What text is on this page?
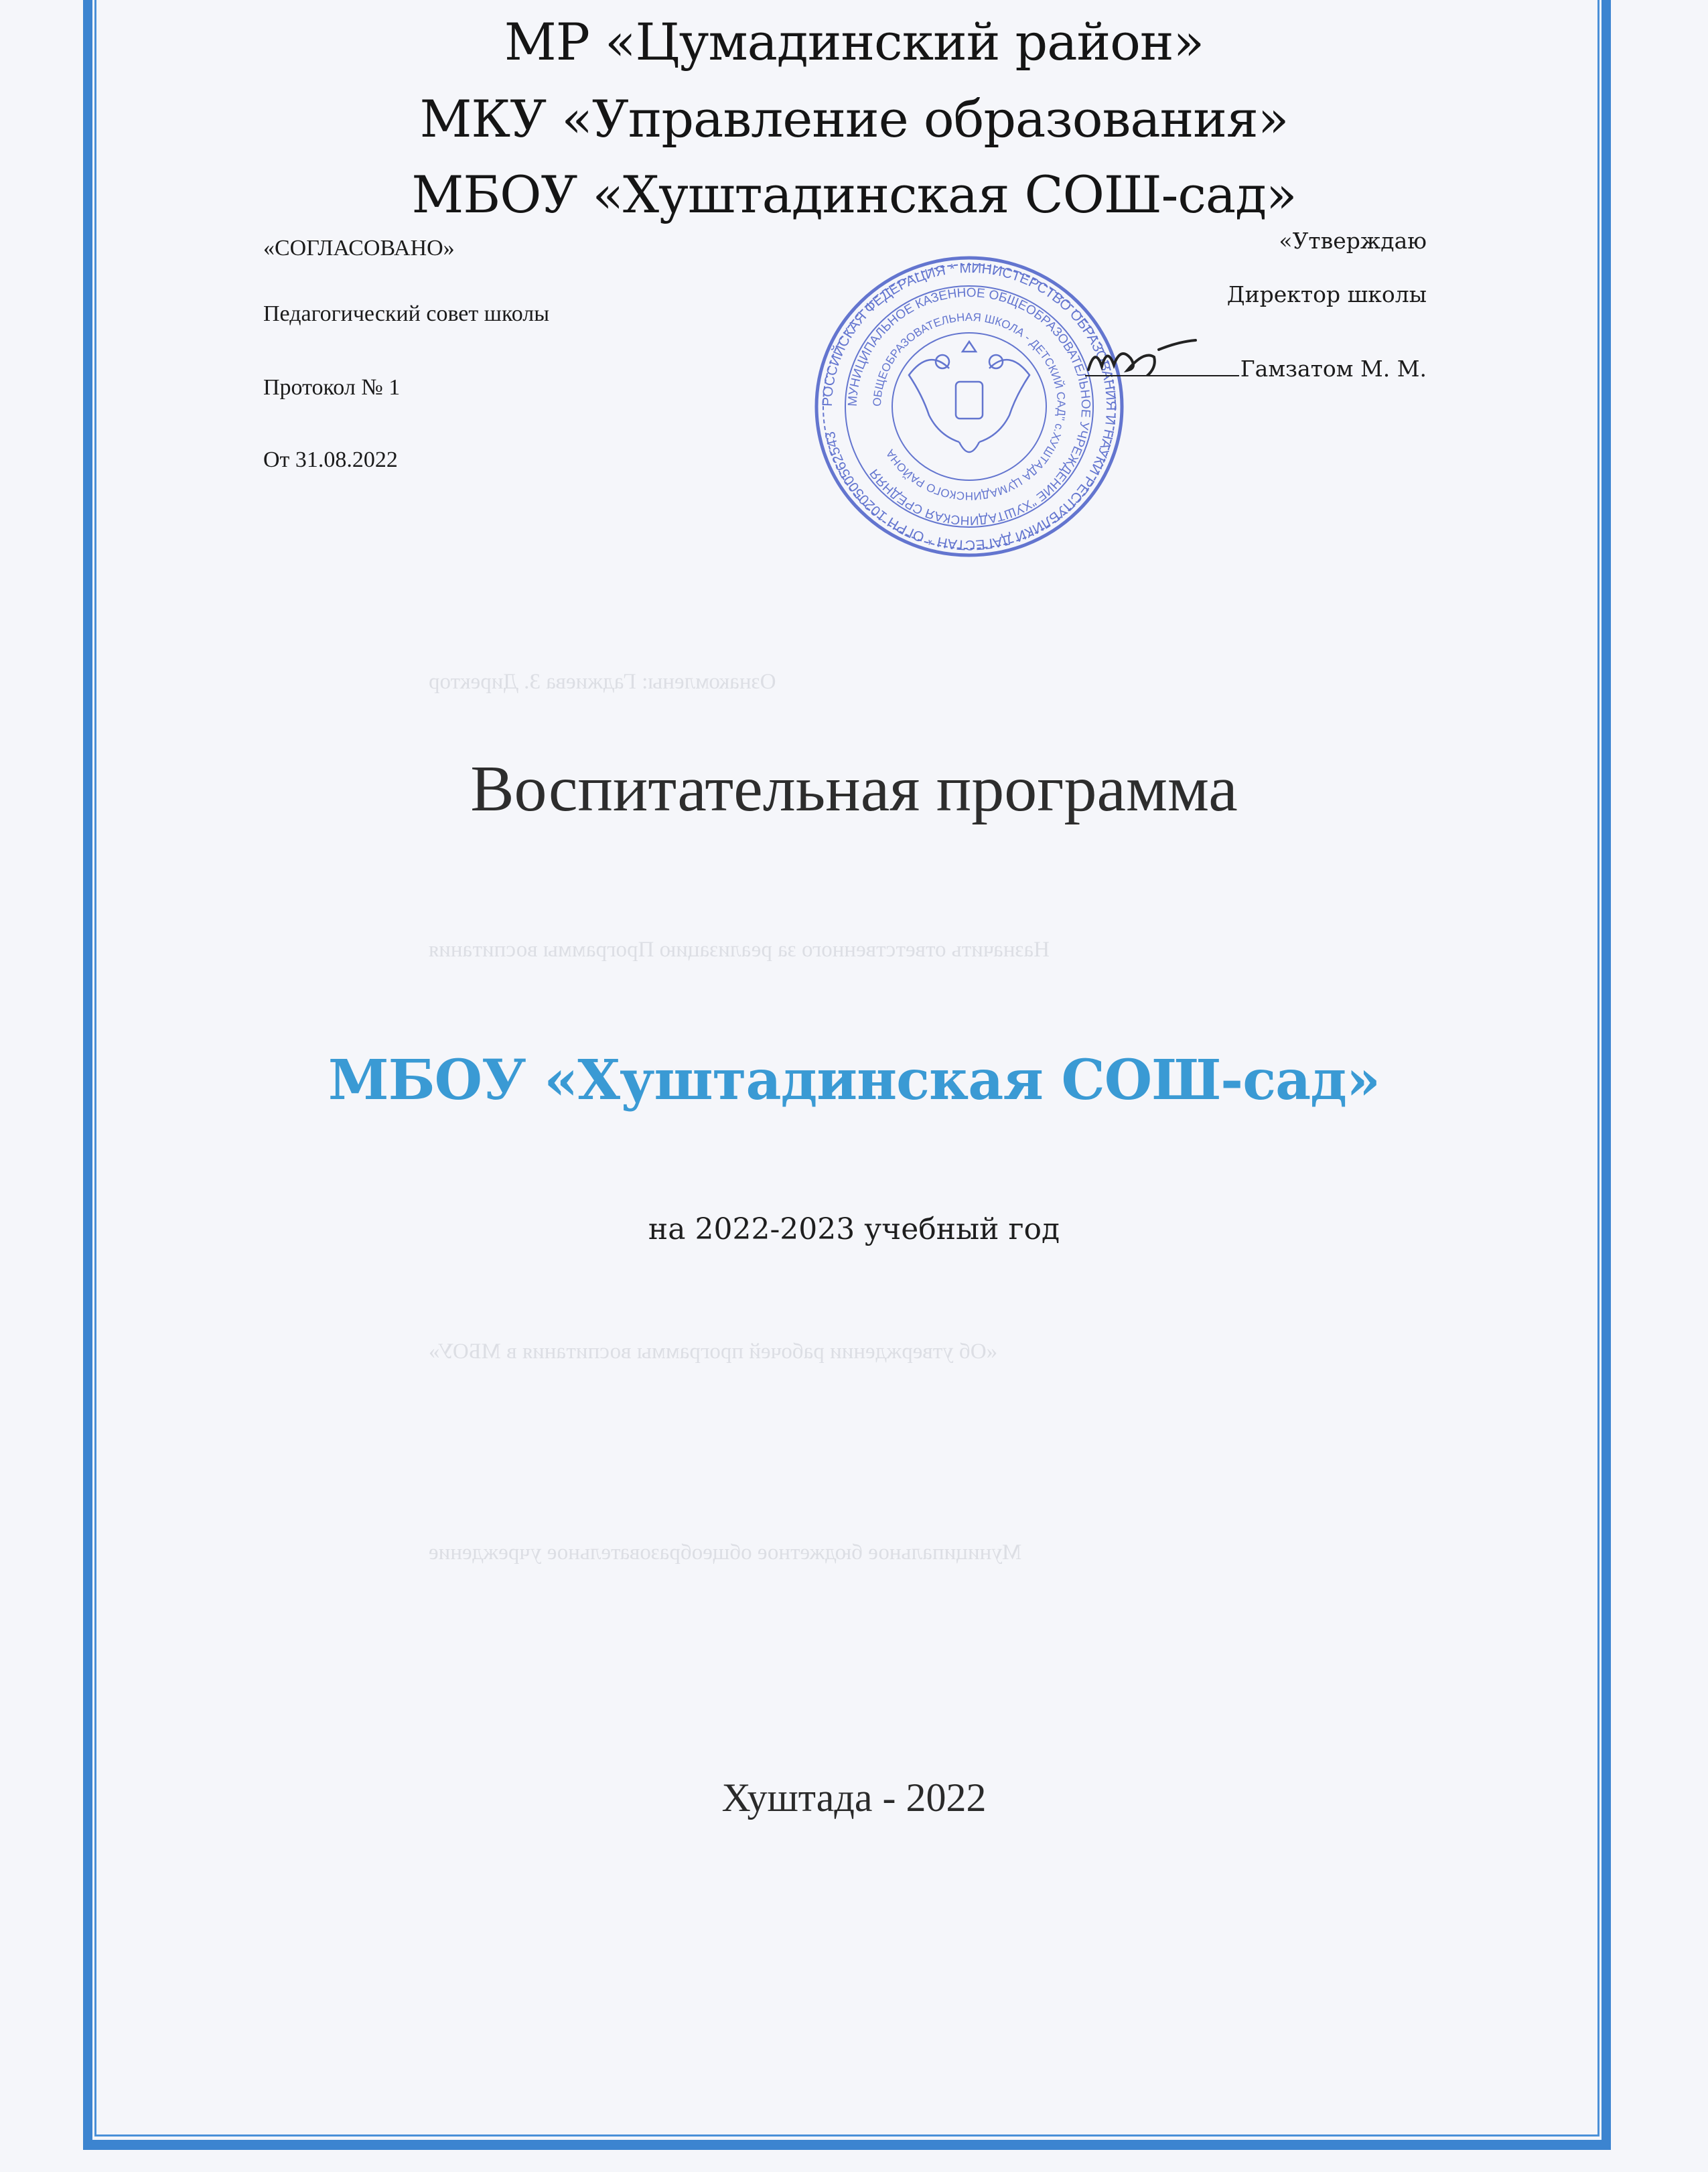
Ознакомлены: Гаджиева З. Директор
Назначить ответственного за реализацию Программы воспитания
«Об утверждении рабочей программы воспитания в МБОУ»
Муниципальное бюджетное общеобразовательное учреждение
МР «Цумадинский район»
МКУ «Управление образования»
МБОУ «Хуштадинская СОШ-сад»
«СОГЛАСОВАНО»
Педагогический совет школы
Протокол № 1
От 31.08.2022
РОССИЙСКАЯ ФЕДЕРАЦИЯ * МИНИСТЕРСТВО ОБРАЗОВАНИЯ И НАУКИ РЕСПУБЛИКИ ДАГЕСТАН * ОГРН 1020500562543
МУНИЦИПАЛЬНОЕ КАЗЕННОЕ ОБЩЕОБРАЗОВАТЕЛЬНОЕ УЧРЕЖДЕНИЕ "ХУШТАДИНСКАЯ СРЕДНЯЯ
ОБЩЕОБРАЗОВАТЕЛЬНАЯ ШКОЛА - ДЕТСКИЙ САД" с.ХУШТАДА ЦУМАДИНСКОГО РАЙОНА
«Утверждаю
Директор школы
Гамзатом М. М.
Воспитательная программа
МБОУ «Хуштадинская СОШ-сад»
на 2022-2023 учебный год
Хуштада - 2022
